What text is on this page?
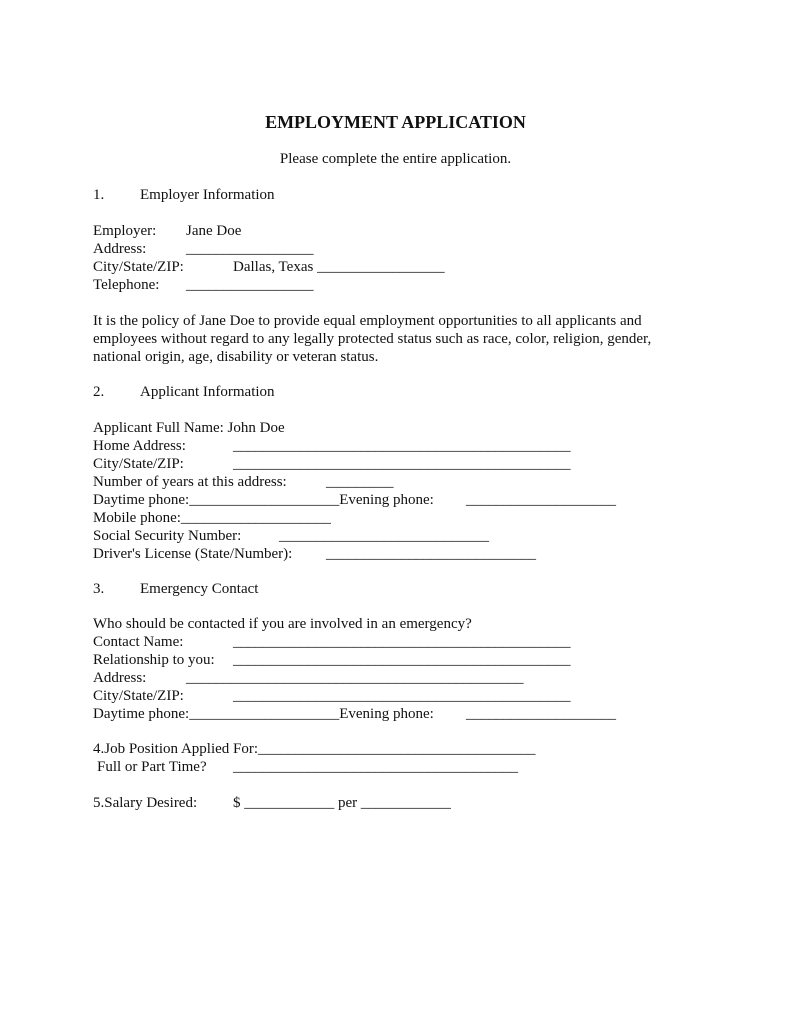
EMPLOYMENT APPLICATION
Please complete the entire application.
1. Employer Information
Employer: Jane Doe
Address:	_________________
City/State/ZIP:	Dallas, Texas _________________
Telephone: _________________
It is the policy of Jane Doe to provide equal employment opportunities to all applicants and
employees without regard to any legally protected status such as race, color, religion, gender,
national origin, age, disability or veteran status.
2. Applicant Information
Applicant Full Name: John Doe
Home Address:	_____________________________________________
City/State/ZIP:	_____________________________________________
Number of years at this address:	_________
Daytime phone:____________________Evening phone: ____________________
Mobile phone:____________________
Social Security Number:	____________________________
Driver's License (State/Number): ____________________________
3. Emergency Contact
Who should be contacted if you are involved in an emergency?
Contact Name:	_____________________________________________
Relationship to you: _____________________________________________
Address:	_____________________________________________
City/State/ZIP:	_____________________________________________
Daytime phone:____________________Evening phone: ____________________
4.Job Position Applied For:_____________________________________
Full or Part Time? ______________________________________
5.Salary Desired: $ ____________ per ____________
